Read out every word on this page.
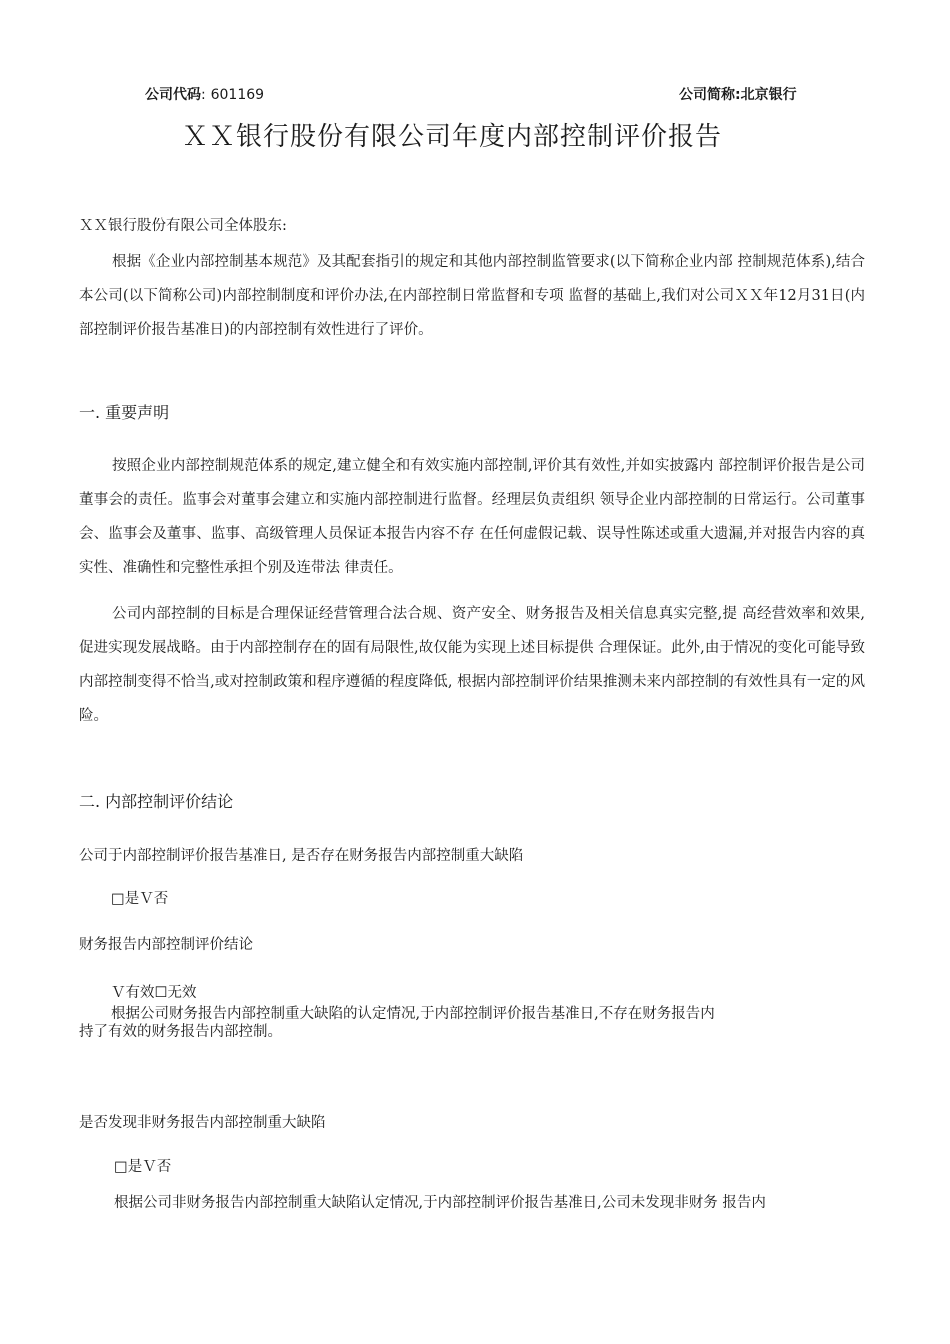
公司代码: 601169	公司简称:北京银行
ＸＸ银行股份有限公司年度内部控制评价报告
ＸＸ银行股份有限公司全体股东:
根据《企业内部控制基本规范》及其配套指引的规定和其他内部控制监管要求(以下简称企业内部 控制规范体系),结合本公司(以下简称公司)内部控制制度和评价办法,在内部控制日常监督和专项 监督的基础上,我们对公司ＸＸ年12月31日(内部控制评价报告基准日)的内部控制有效性进行了评价。
一. 重要声明
按照企业内部控制规范体系的规定,建立健全和有效实施内部控制,评价其有效性,并如实披露内 部控制评价报告是公司董事会的责任。监事会对董事会建立和实施内部控制进行监督。经理层负责组织 领导企业内部控制的日常运行。公司董事会、监事会及董事、监事、高级管理人员保证本报告内容不存 在任何虚假记载、误导性陈述或重大遗漏,并对报告内容的真实性、准确性和完整性承担个别及连带法 律责任。
公司内部控制的目标是合理保证经营管理合法合规、资产安全、财务报告及相关信息真实完整,提 高经营效率和效果,促进实现发展战略。由于内部控制存在的固有局限性,故仅能为实现上述目标提供 合理保证。此外,由于情况的变化可能导致内部控制变得不恰当,或对控制政策和程序遵循的程度降低, 根据内部控制评价结果推测未来内部控制的有效性具有一定的风险。
二. 内部控制评价结论
公司于内部控制评价报告基准日, 是否存在财务报告内部控制重大缺陷
□是Ｖ否
财务报告内部控制评价结论
Ｖ有效☐无效
根据公司财务报告内部控制重大缺陷的认定情况,于内部控制评价报告基准日,不存在财务报告内
持了有效的财务报告内部控制。
是否发现非财务报告内部控制重大缺陷
□是Ｖ否
根据公司非财务报告内部控制重大缺陷认定情况,于内部控制评价报告基准日,公司未发现非财务 报告内
